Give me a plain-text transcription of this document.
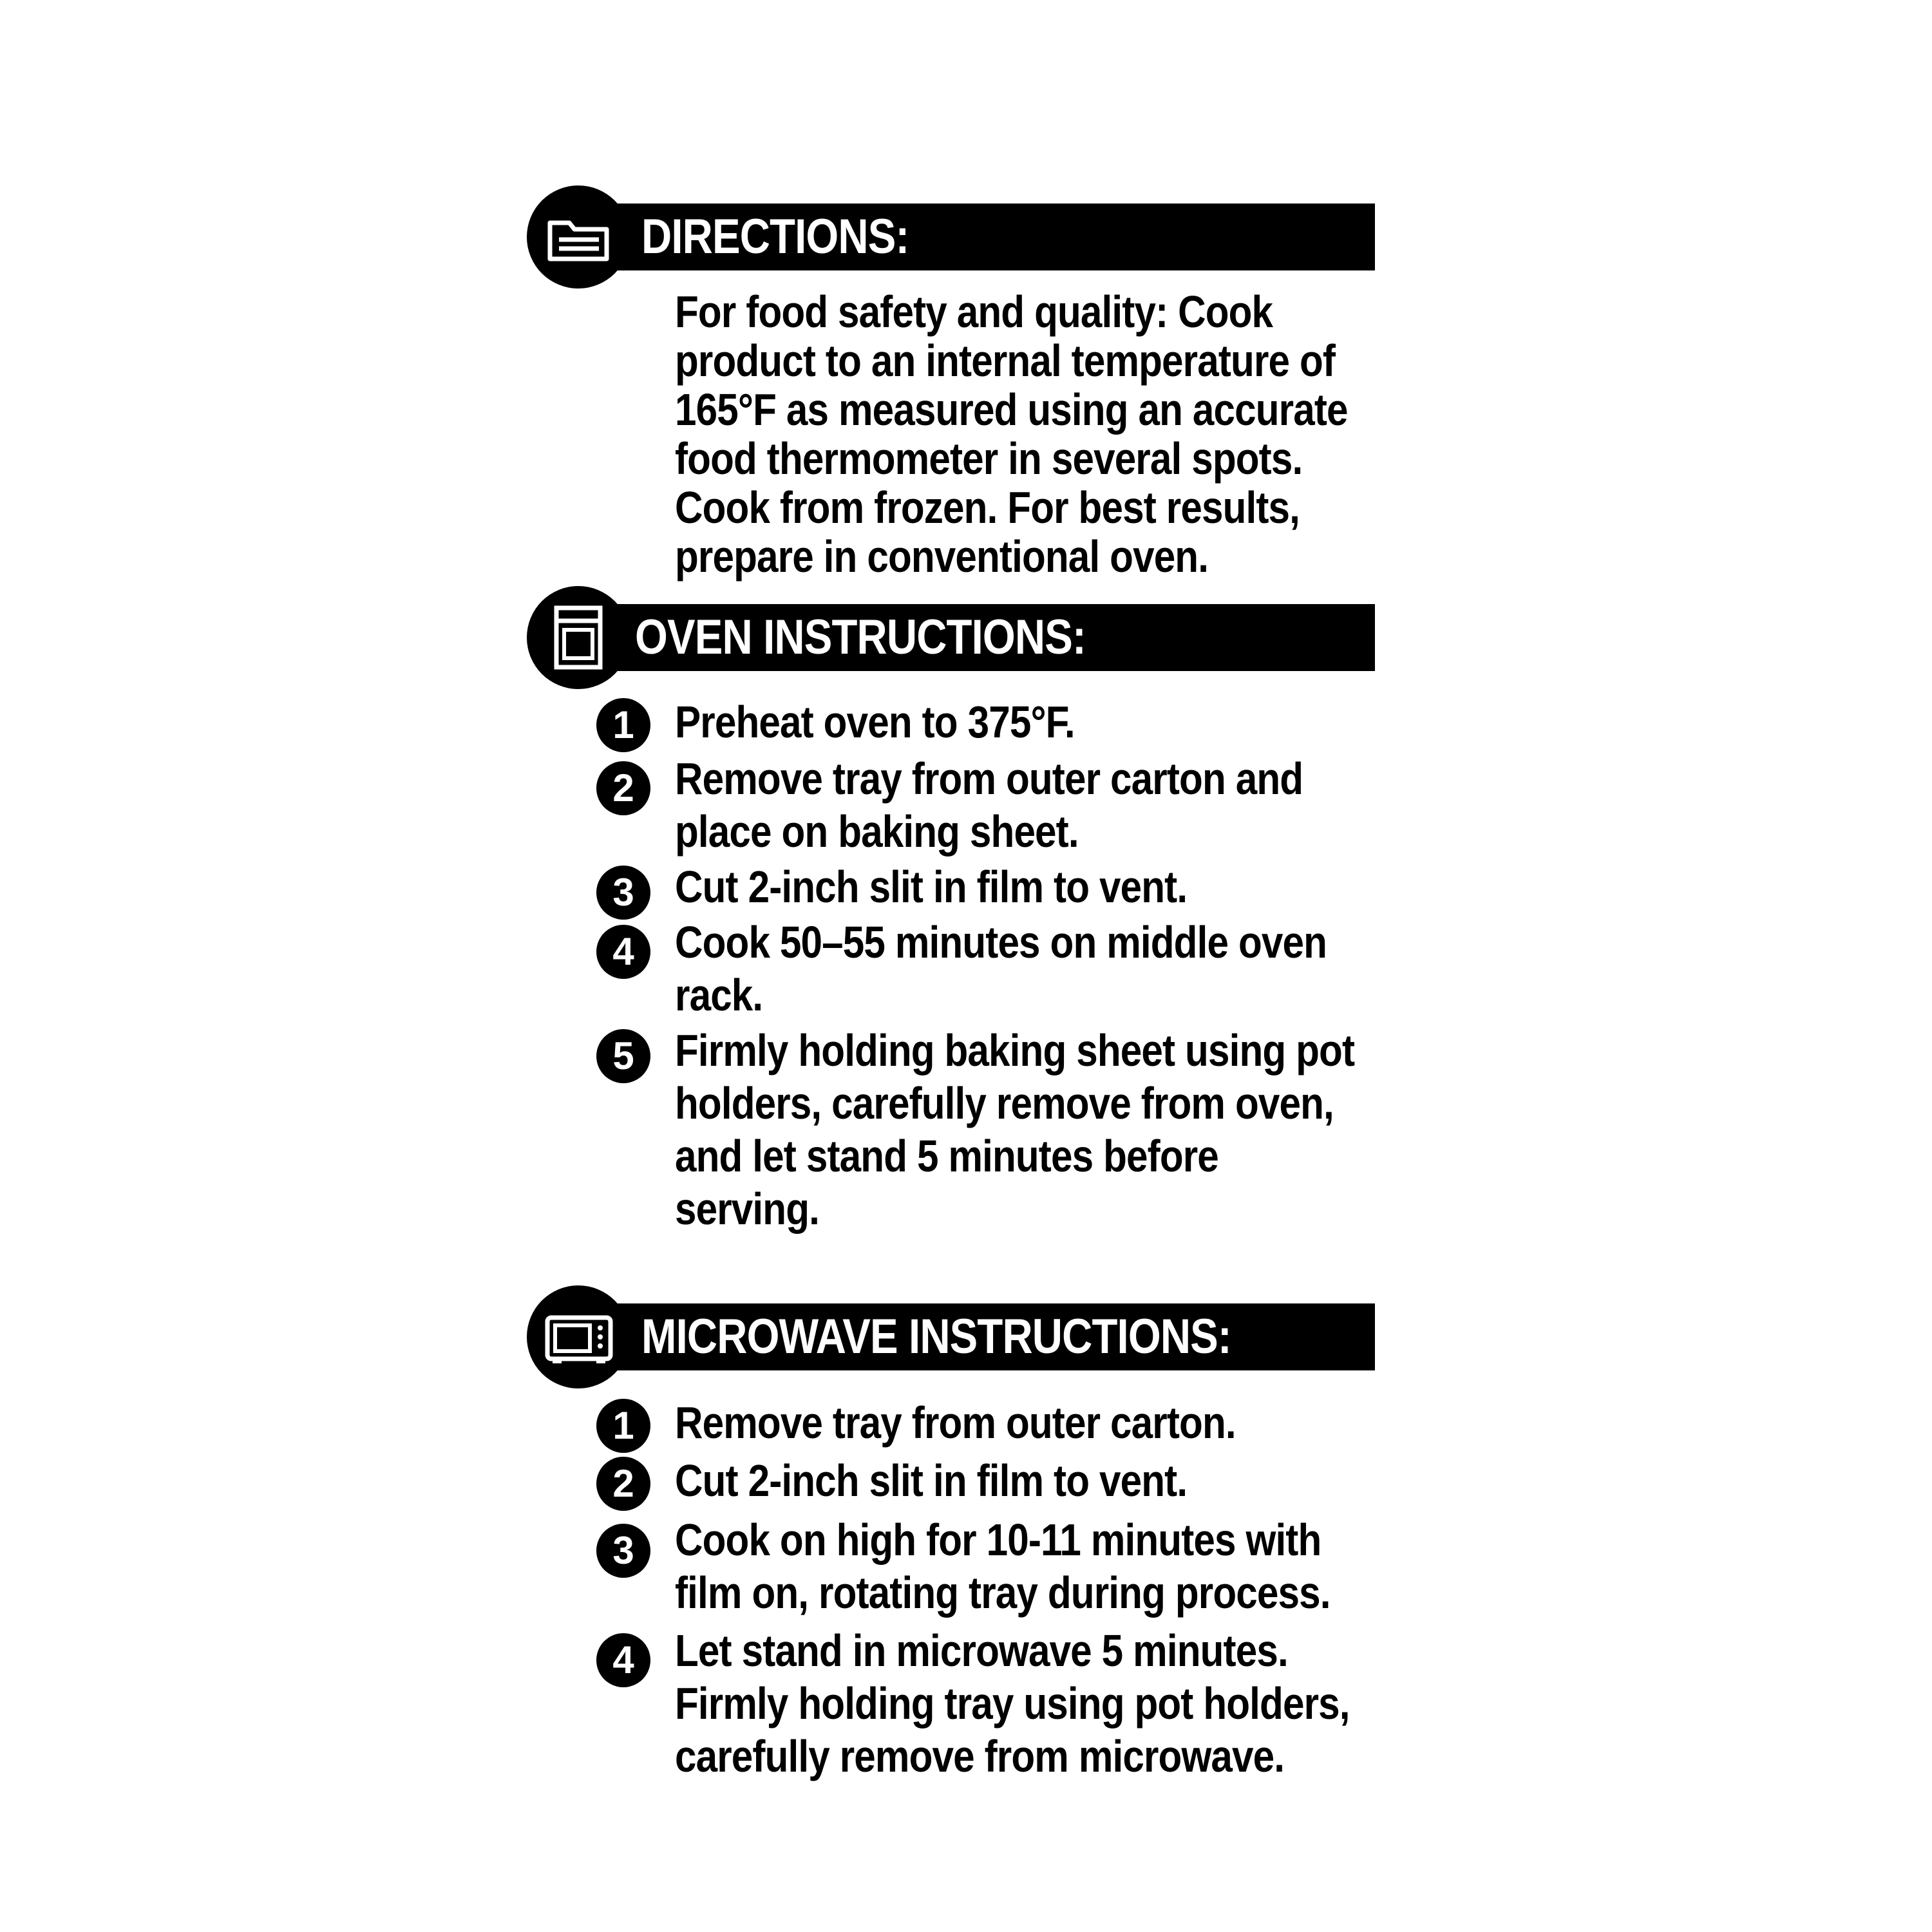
DIRECTIONS:
For food safety and quality: Cook
product to an internal temperature of
165°F as measured using an accurate
food thermometer in several spots.
Cook from frozen. For best results,
prepare in conventional oven.
OVEN INSTRUCTIONS:
1 Preheat oven to 375°F.
2 Remove tray from outer carton and
place on baking sheet.
3 Cut 2-inch slit in film to vent.
4 Cook 50–55 minutes on middle oven
rack.
5 Firmly holding baking sheet using pot
holders, carefully remove from oven,
and let stand 5 minutes before
serving.
MICROWAVE INSTRUCTIONS:
1 Remove tray from outer carton.
2 Cut 2-inch slit in film to vent.
3 Cook on high for 10-11 minutes with
film on, rotating tray during process.
4 Let stand in microwave 5 minutes.
Firmly holding tray using pot holders,
carefully remove from microwave.
